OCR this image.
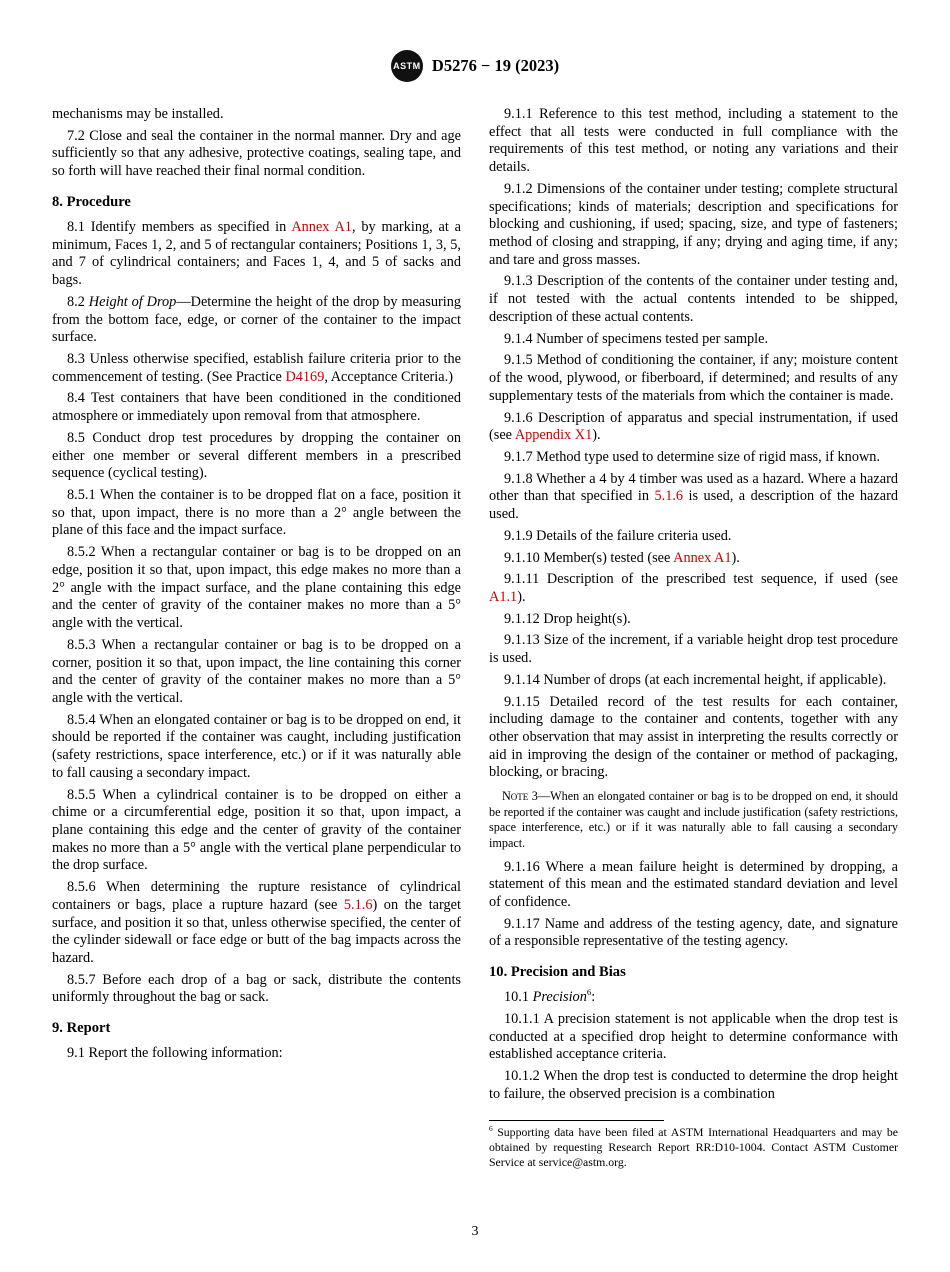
ASTM D5276 − 19 (2023)

mechanisms may be installed.

7.2 Close and seal the container in the normal manner. Dry and age sufficiently so that any adhesive, protective coatings, sealing tape, and so forth will have reached their final normal condition.

8. Procedure

8.1 Identify members as specified in Annex A1, by marking, at a minimum, Faces 1, 2, and 5 of rectangular containers; Positions 1, 3, 5, and 7 of cylindrical containers; and Faces 1, 4, and 5 of sacks and bags.

8.2 Height of Drop—Determine the height of the drop by measuring from the bottom face, edge, or corner of the container to the impact surface.

8.3 Unless otherwise specified, establish failure criteria prior to the commencement of testing. (See Practice D4169, Acceptance Criteria.)

8.4 Test containers that have been conditioned in the conditioned atmosphere or immediately upon removal from that atmosphere.

8.5 Conduct drop test procedures by dropping the container on either one member or several different members in a prescribed sequence (cyclical testing).

8.5.1 When the container is to be dropped flat on a face, position it so that, upon impact, there is no more than a 2° angle between the plane of this face and the impact surface.

8.5.2 When a rectangular container or bag is to be dropped on an edge, position it so that, upon impact, this edge makes no more than a 2° angle with the impact surface, and the plane containing this edge and the center of gravity of the container makes no more than a 5° angle with the vertical.

8.5.3 When a rectangular container or bag is to be dropped on a corner, position it so that, upon impact, the line containing this corner and the center of gravity of the container makes no more than a 5° angle with the vertical.

8.5.4 When an elongated container or bag is to be dropped on end, it should be reported if the container was caught, including justification (safety restrictions, space interference, etc.) or if it was naturally able to fall causing a secondary impact.

8.5.5 When a cylindrical container is to be dropped on either a chime or a circumferential edge, position it so that, upon impact, a plane containing this edge and the center of gravity of the container makes no more than a 5° angle with the vertical plane perpendicular to the drop surface.

8.5.6 When determining the rupture resistance of cylindrical containers or bags, place a rupture hazard (see 5.1.6) on the target surface, and position it so that, unless otherwise specified, the center of the cylinder sidewall or face edge or butt of the bag impacts across the hazard.

8.5.7 Before each drop of a bag or sack, distribute the contents uniformly throughout the bag or sack.

9. Report

9.1 Report the following information:

9.1.1 Reference to this test method, including a statement to the effect that all tests were conducted in full compliance with the requirements of this test method, or noting any variations and their details.

9.1.2 Dimensions of the container under testing; complete structural specifications; kinds of materials; description and specifications for blocking and cushioning, if used; spacing, size, and type of fasteners; method of closing and strapping, if any; drying and aging time, if any; and tare and gross masses.

9.1.3 Description of the contents of the container under testing and, if not tested with the actual contents intended to be shipped, description of these actual contents.

9.1.4 Number of specimens tested per sample.

9.1.5 Method of conditioning the container, if any; moisture content of the wood, plywood, or fiberboard, if determined; and results of any supplementary tests of the materials from which the container is made.

9.1.6 Description of apparatus and special instrumentation, if used (see Appendix X1).

9.1.7 Method type used to determine size of rigid mass, if known.

9.1.8 Whether a 4 by 4 timber was used as a hazard. Where a hazard other than that specified in 5.1.6 is used, a description of the hazard used.

9.1.9 Details of the failure criteria used.

9.1.10 Member(s) tested (see Annex A1).

9.1.11 Description of the prescribed test sequence, if used (see A1.1).

9.1.12 Drop height(s).

9.1.13 Size of the increment, if a variable height drop test procedure is used.

9.1.14 Number of drops (at each incremental height, if applicable).

9.1.15 Detailed record of the test results for each container, including damage to the container and contents, together with any other observation that may assist in interpreting the results correctly or aid in improving the design of the container or method of packaging, blocking, or bracing.

Note 3—When an elongated container or bag is to be dropped on end, it should be reported if the container was caught and include justification (safety restrictions, space interference, etc.) or if it was naturally able to fall causing a secondary impact.

9.1.16 Where a mean failure height is determined by dropping, a statement of this mean and the estimated standard deviation and level of confidence.

9.1.17 Name and address of the testing agency, date, and signature of a responsible representative of the testing agency.

10. Precision and Bias

10.1 Precision$^6$:

10.1.1 A precision statement is not applicable when the drop test is conducted at a specified drop height to determine conformance with established acceptance criteria.

10.1.2 When the drop test is conducted to determine the drop height to failure, the observed precision is a combination

$^6$ Supporting data have been filed at ASTM International Headquarters and may be obtained by requesting Research Report RR:D10-1004. Contact ASTM Customer Service at service@astm.org.

3
